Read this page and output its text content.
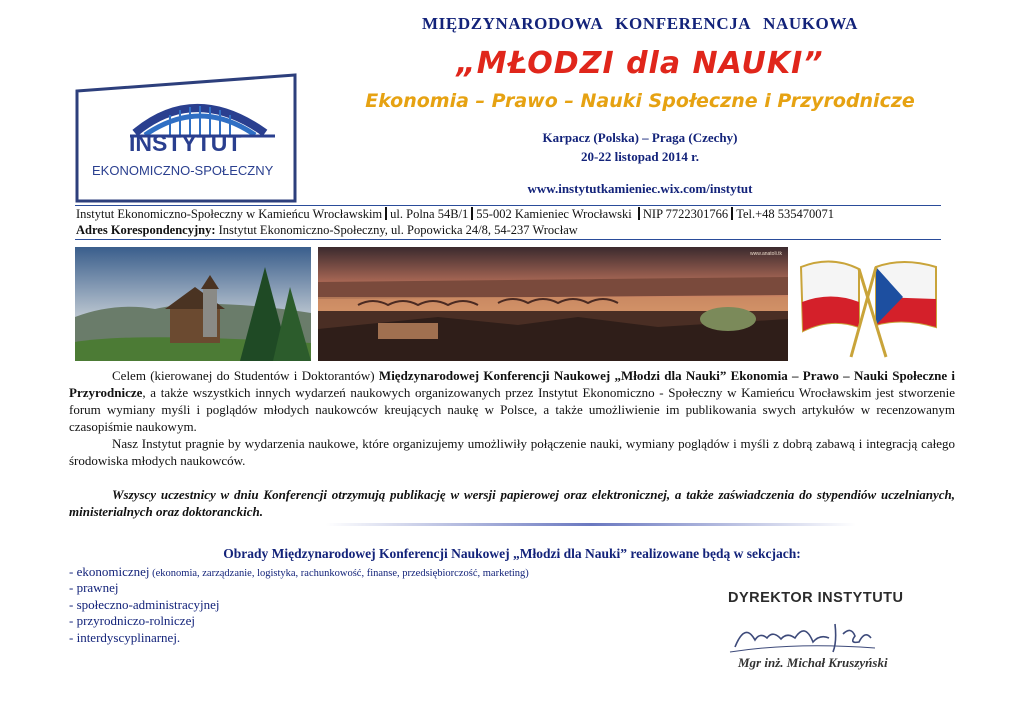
INSTYTUT
EKONOMICZNO-SPOŁECZNY
MIĘDZYNARODOWA KONFERENCJA NAUKOWA
„MŁODZI dla NAUKI”
Ekonomia – Prawo – Nauki Społeczne i Przyrodnicze
Karpacz (Polska) – Praga (Czechy)
20-22 listopad 2014 r.
www.instytutkamieniec.wix.com/instytut
Instytut Ekonomiczno-Społeczny w Kamieńcu Wrocławskim ul. Polna 54B/1 55-002 Kamieniec Wrocławski NIP 7722301766 Tel.+48 535470071
Adres Korespondencyjny: Instytut Ekonomiczno-Społeczny, ul. Popowicka 24/8, 54-237 Wrocław
www.anatoli.tk
Celem (kierowanej do Studentów i Doktorantów) Międzynarodowej Konferencji Naukowej „Młodzi dla Nauki” Ekonomia – Prawo – Nauki Społeczne i Przyrodnicze, a także wszystkich innych wydarzeń naukowych organizowanych przez Instytut Ekonomiczno - Społeczny w Kamieńcu Wrocławskim jest stworzenie forum wymiany myśli i poglądów młodych naukowców kreujących naukę w Polsce, a także umożliwienie im publikowania swych artykułów w recenzowanym czasopiśmie naukowym.
Nasz Instytut pragnie by wydarzenia naukowe, które organizujemy umożliwiły połączenie nauki, wymiany poglądów i myśli z dobrą zabawą i integracją całego środowiska młodych naukowców.
Wszyscy uczestnicy w dniu Konferencji otrzymują publikację w wersji papierowej oraz elektronicznej, a także zaświadczenia do stypendiów uczelnianych, ministerialnych oraz doktoranckich.
Obrady Międzynarodowej Konferencji Naukowej „Młodzi dla Nauki” realizowane będą w sekcjach:
- ekonomicznej (ekonomia, zarządzanie, logistyka, rachunkowość, finanse, przedsiębiorczość, marketing)
- prawnej
- społeczno-administracyjnej
- przyrodniczo-rolniczej
- interdyscyplinarnej.
DYREKTOR INSTYTUTU
Mgr inż. Michał Kruszyński
